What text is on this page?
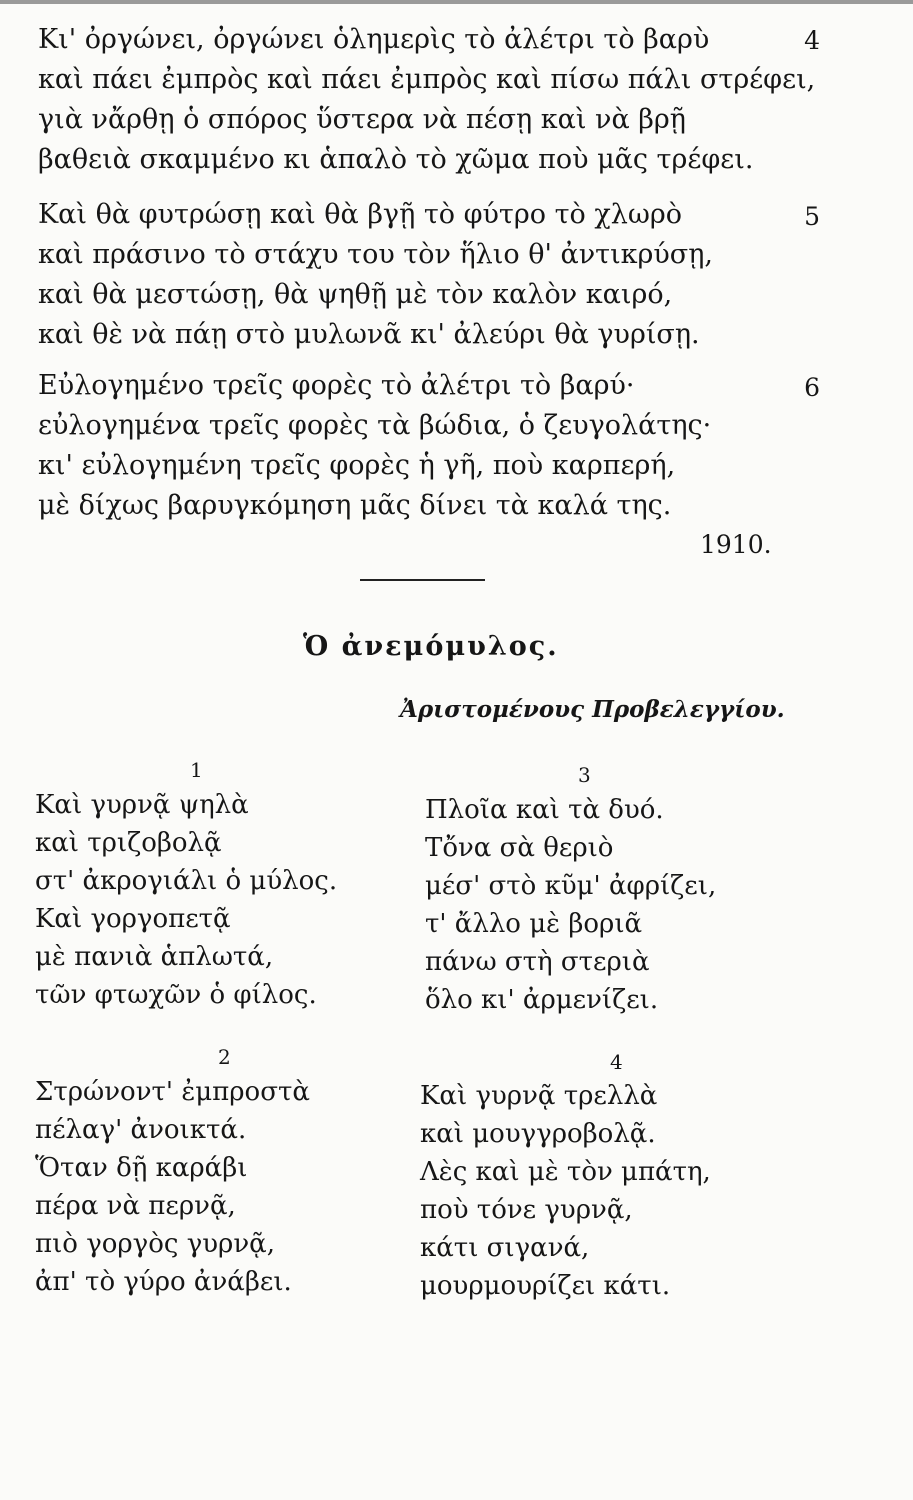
Κι' ὀργώνει, ὀργώνει ὁλημερὶς τὸ ἀλέτρι τὸ βαρὺ
καὶ πάει ἐμπρὸς καὶ πάει ἐμπρὸς καὶ πίσω πάλι στρέφει,
γιὰ νἄρθῃ ὁ σπόρος ὕστερα νὰ πέσῃ καὶ νὰ βρῇ
βαθειὰ σκαμμένο κι ἁπαλὸ τὸ χῶμα ποὺ μᾶς τρέφει.
4
Καὶ θὰ φυτρώσῃ καὶ θὰ βγῇ τὸ φύτρο τὸ χλωρὸ
καὶ πράσινο τὸ στάχυ του τὸν ἥλιο θ' ἀντικρύσῃ,
καὶ θὰ μεστώσῃ, θὰ ψηθῇ μὲ τὸν καλὸν καιρό,
καὶ θὲ νὰ πάῃ στὸ μυλωνᾶ κι' ἀλεύρι θὰ γυρίσῃ.
5
Εὐλογημένο τρεῖς φορὲς τὸ ἀλέτρι τὸ βαρύ·
εὐλογημένα τρεῖς φορὲς τὰ βώδια, ὁ ζευγολάτης·
κι' εὐλογημένη τρεῖς φορὲς ἡ γῆ, ποὺ καρπερή,
μὲ δίχως βαρυγκόμηση μᾶς δίνει τὰ καλά της.
6
1910.
Ὁ ἀνεμόμυλος.
Ἀριστομένους Προβελεγγίου.
1
Καὶ γυρνᾷ ψηλὰ
καὶ τριζοβολᾷ
στ' ἀκρογιάλι ὁ μύλος.
Καὶ γοργοπετᾷ
μὲ πανιὰ ἁπλωτά,
τῶν φτωχῶν ὁ φίλος.
3
Πλοῖα καὶ τὰ δυό.
Τὄνα σὰ θεριὸ
μέσ' στὸ κῦμ' ἀφρίζει,
τ' ἄλλο μὲ βοριᾶ
πάνω στὴ στεριὰ
ὅλο κι' ἀρμενίζει.
2
Στρώνοντ' ἐμπροστὰ
πέλαγ' ἀνοικτά.
Ὅταν δῇ καράβι
πέρα νὰ περνᾷ,
πιὸ γοργὸς γυρνᾷ,
ἀπ' τὸ γύρο ἀνάβει.
4
Καὶ γυρνᾷ τρελλὰ
καὶ μουγγροβολᾷ.
Λὲς καὶ μὲ τὸν μπάτη,
ποὺ τόνε γυρνᾷ,
κάτι σιγανά,
μουρμουρίζει κάτι.
